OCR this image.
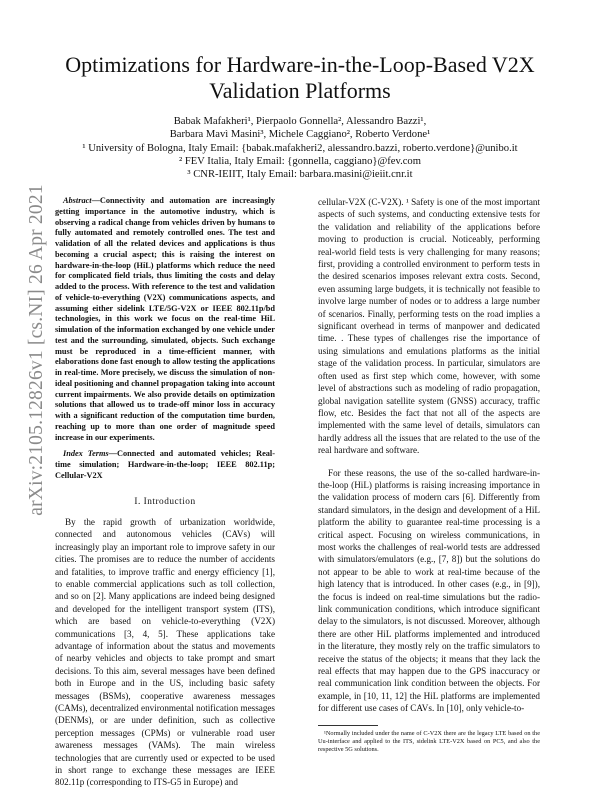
arXiv:2105.12826v1 [cs.NI] 26 Apr 2021
Optimizations for Hardware-in-the-Loop-Based V2X Validation Platforms
Babak Mafakheri¹, Pierpaolo Gonnella², Alessandro Bazzi¹,
Barbara Mavì Masini³, Michele Caggiano², Roberto Verdone¹
¹ University of Bologna, Italy Email: {babak.mafakheri2, alessandro.bazzi, roberto.verdone}@unibo.it
² FEV Italia, Italy Email: {gonnella, caggiano}@fev.com
³ CNR-IEIIT, Italy Email: barbara.masini@ieiit.cnr.it

Abstract—Connectivity and automation are increasingly getting importance in the automotive industry, which is observing a radical change from vehicles driven by humans to fully automated and remotely controlled ones. The test and validation of all the related devices and applications is thus becoming a crucial aspect; this is raising the interest on hardware-in-the-loop (HiL) platforms which reduce the need for complicated field trials, thus limiting the costs and delay added to the process. With reference to the test and validation of vehicle-to-everything (V2X) communications aspects, and assuming either sidelink LTE/5G-V2X or IEEE 802.11p/bd technologies, in this work we focus on the real-time HiL simulation of the information exchanged by one vehicle under test and the surrounding, simulated, objects. Such exchange must be reproduced in a time-efficient manner, with elaborations done fast enough to allow testing the applications in real-time. More precisely, we discuss the simulation of non-ideal positioning and channel propagation taking into account current impairments. We also provide details on optimization solutions that allowed us to trade-off minor loss in accuracy with a significant reduction of the computation time burden, reaching up to more than one order of magnitude speed increase in our experiments.

Index Terms—Connected and automated vehicles; Real-time simulation; Hardware-in-the-loop; IEEE 802.11p; Cellular-V2X

I. Introduction

By the rapid growth of urbanization worldwide, connected and autonomous vehicles (CAVs) will increasingly play an important role to improve safety in our cities. The promises are to reduce the number of accidents and fatalities, to improve traffic and energy efficiency [1], to enable commercial applications such as toll collection, and so on [2]. Many applications are indeed being designed and developed for the intelligent transport system (ITS), which are based on vehicle-to-everything (V2X) communications [3, 4, 5]. These applications take advantage of information about the status and movements of nearby vehicles and objects to take prompt and smart decisions. To this aim, several messages have been defined both in Europe and in the US, including basic safety messages (BSMs), cooperative awareness messages (CAMs), decentralized environmental notification messages (DENMs), or are under definition, such as collective perception messages (CPMs) or vulnerable road user awareness messages (VAMs). The main wireless technologies that are currently used or expected to be used in short range to exchange these messages are IEEE 802.11p (corresponding to ITS-G5 in Europe) and

cellular-V2X (C-V2X). ¹ Safety is one of the most important aspects of such systems, and conducting extensive tests for the validation and reliability of the applications before moving to production is crucial. Noticeably, performing real-world field tests is very challenging for many reasons; first, providing a controlled environment to perform tests in the desired scenarios imposes relevant extra costs. Second, even assuming large budgets, it is technically not feasible to involve large number of nodes or to address a large number of scenarios. Finally, performing tests on the road implies a significant overhead in terms of manpower and dedicated time. . These types of challenges rise the importance of using simulations and emulations platforms as the initial stage of the validation process. In particular, simulators are often used as first step which come, however, with some level of abstractions such as modeling of radio propagation, global navigation satellite system (GNSS) accuracy, traffic flow, etc. Besides the fact that not all of the aspects are implemented with the same level of details, simulators can hardly address all the issues that are related to the use of the real hardware and software.

For these reasons, the use of the so-called hardware-in-the-loop (HiL) platforms is raising increasing importance in the validation process of modern cars [6]. Differently from standard simulators, in the design and development of a HiL platform the ability to guarantee real-time processing is a critical aspect. Focusing on wireless communications, in most works the challenges of real-world tests are addressed with simulators/emulators (e.g., [7, 8]) but the solutions do not appear to be able to work at real-time because of the high latency that is introduced. In other cases (e.g., in [9]), the focus is indeed on real-time simulations but the radio-link communication conditions, which introduce significant delay to the simulators, is not discussed. Moreover, although there are other HiL platforms implemented and introduced in the literature, they mostly rely on the traffic simulators to receive the status of the objects; it means that they lack the real effects that may happen due to the GPS inaccuracy or real communication link condition between the objects. For example, in [10, 11, 12] the HiL platforms are implemented for different use cases of CAVs. In [10], only vehicle-to-

¹Normally included under the name of C-V2X there are the legacy LTE based on the Uu-interface and applied to the ITS, sidelink LTE-V2X based on PC5, and also the respective 5G solutions.
